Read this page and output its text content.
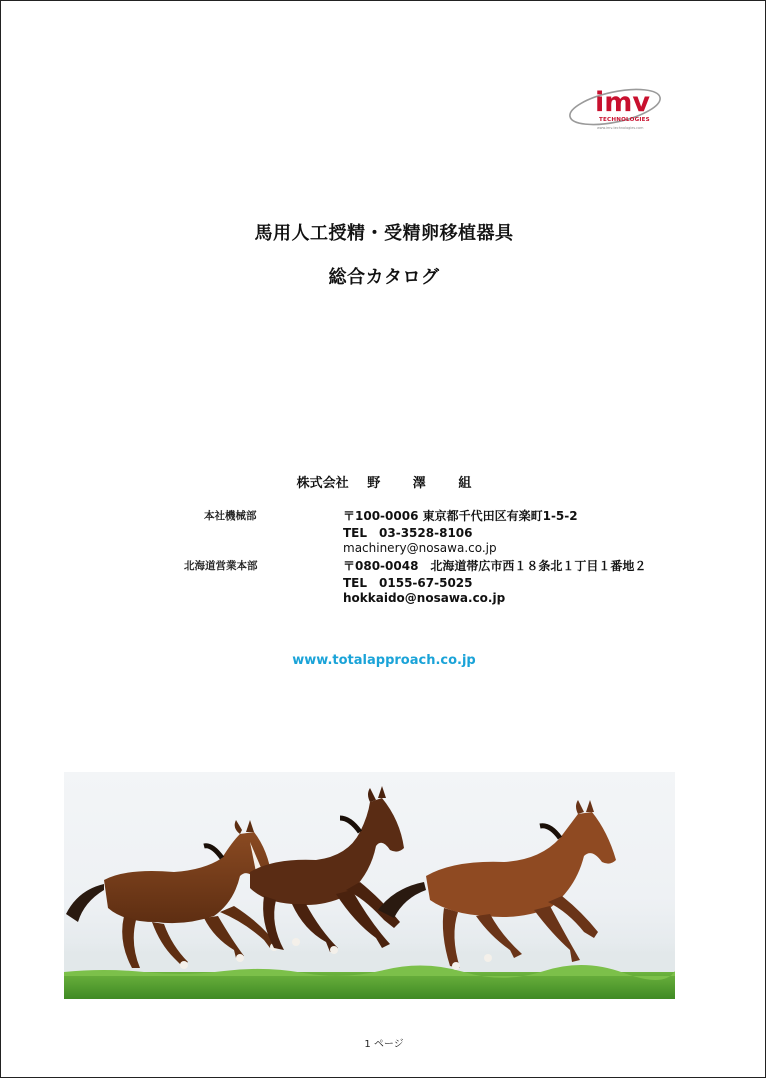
imv
TECHNOLOGIES
www.imv-technologies.com
馬用人工授精・受精卵移植器具
総合カタログ
株式会社 野	澤	組
本社機械部	〒100-0006 東京都千代田区有楽町1-5-2
TEL　03-3528-8106
machinery@nosawa.co.jp
北海道営業本部	〒080-0048　北海道帯広市西１８条北１丁目１番地２
TEL　0155-67-5025
hokkaido@nosawa.co.jp
www.totalapproach.co.jp
1 ページ
